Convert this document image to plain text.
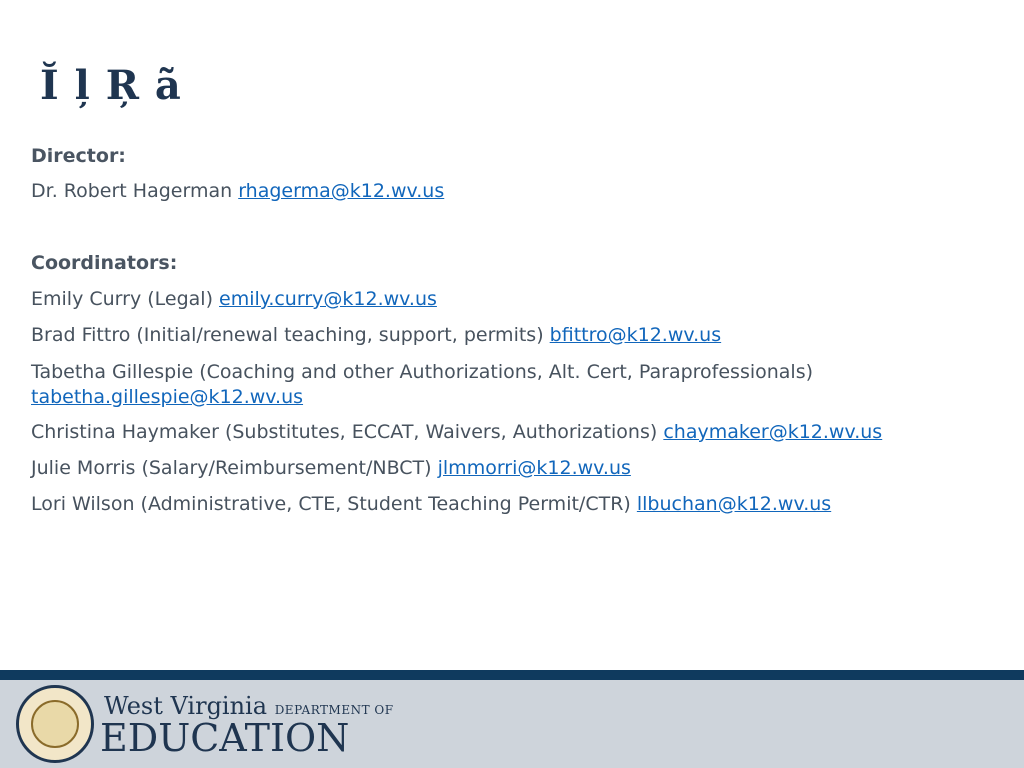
Ĭ ļ Ŗ ã
Director:
Dr. Robert Hagerman rhagerma@k12.wv.us
Coordinators:
Emily Curry (Legal) emily.curry@k12.wv.us
Brad Fittro (Initial/renewal teaching, support, permits) bfittro@k12.wv.us
Tabetha Gillespie (Coaching and other Authorizations, Alt. Cert, Paraprofessionals) tabetha.gillespie@k12.wv.us
Christina Haymaker (Substitutes, ECCAT, Waivers, Authorizations) chaymaker@k12.wv.us
Julie Morris (Salary/Reimbursement/NBCT) jlmmorri@k12.wv.us
Lori Wilson (Administrative, CTE, Student Teaching Permit/CTR) llbuchan@k12.wv.us
West Virginia DEPARTMENT OF
EDUCATION
